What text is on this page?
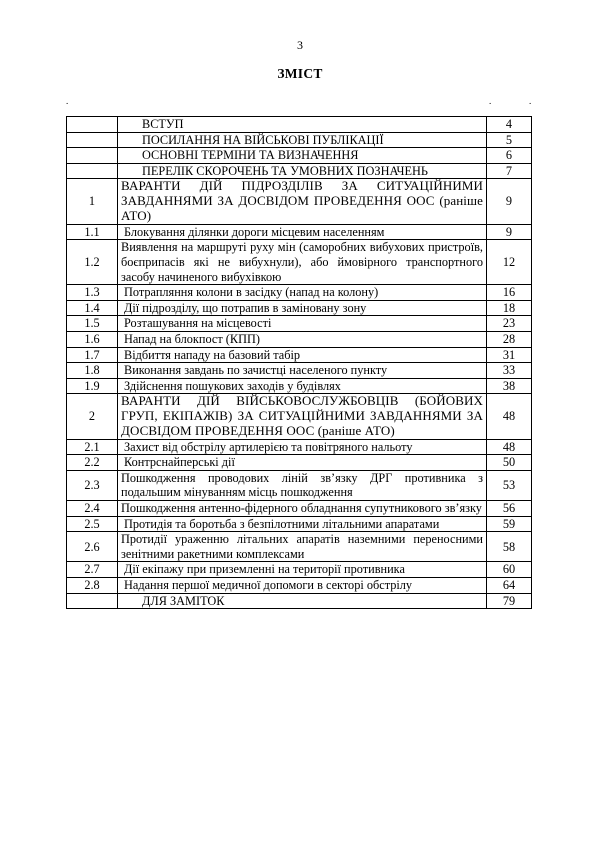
3
ЗМІСТ
.	.	.
	ВСТУП	4
	ПОСИЛАННЯ НА ВІЙСЬКОВІ ПУБЛІКАЦІЇ	5
	ОСНОВНІ ТЕРМІНИ ТА ВИЗНАЧЕННЯ	6
	ПЕРЕЛІК СКОРОЧЕНЬ ТА УМОВНИХ ПОЗНАЧЕНЬ	7
1	ВАРАНТИ ДІЙ ПІДРОЗДІЛІВ ЗА СИТУАЦІЙНИМИ ЗАВДАННЯМИ ЗА ДОСВІДОМ ПРОВЕДЕННЯ ООС (раніше АТО)	9
1.1	Блокування ділянки дороги місцевим населенням	9
1.2	Виявлення на маршруті руху мін (саморобних вибухових пристроїв, боєприпасів які не вибухнули), або ймовірного транспортного засобу начиненого вибухівкою	12
1.3	Потрапляння колони в засідку (напад на колону)	16
1.4	Дії підрозділу, що потрапив в заміновану зону	18
1.5	Розташування на місцевості	23
1.6	Напад на блокпост (КПП)	28
1.7	Відбиття нападу на базовий табір	31
1.8	Виконання завдань по зачистці населеного пункту	33
1.9	Здійснення пошукових заходів у будівлях	38
2	ВАРАНТИ ДІЙ ВІЙСЬКОВОСЛУЖБОВЦІВ (БОЙОВИХ ГРУП, ЕКІПАЖІВ) ЗА СИТУАЦІЙНИМИ ЗАВДАННЯМИ ЗА ДОСВІДОМ ПРОВЕДЕННЯ ООС (раніше АТО)	48
2.1	Захист від обстрілу артилерією та повітряного нальоту	48
2.2	Контрснайперські дії	50
2.3	Пошкодження проводових ліній зв’язку ДРГ противника з подальшим мінуванням місць пошкодження	53
2.4	Пошкодження антенно-фідерного обладнання супутникового зв’язку	56
2.5	Протидія та боротьба з безпілотними літальними апаратами	59
2.6	Протидії ураженню літальних апаратів наземними переносними зенітними ракетними комплексами	58
2.7	Дії екіпажу при приземленні на території противника	60
2.8	Надання першої медичної допомоги в секторі обстрілу	64
	ДЛЯ ЗАМІТОК	79
